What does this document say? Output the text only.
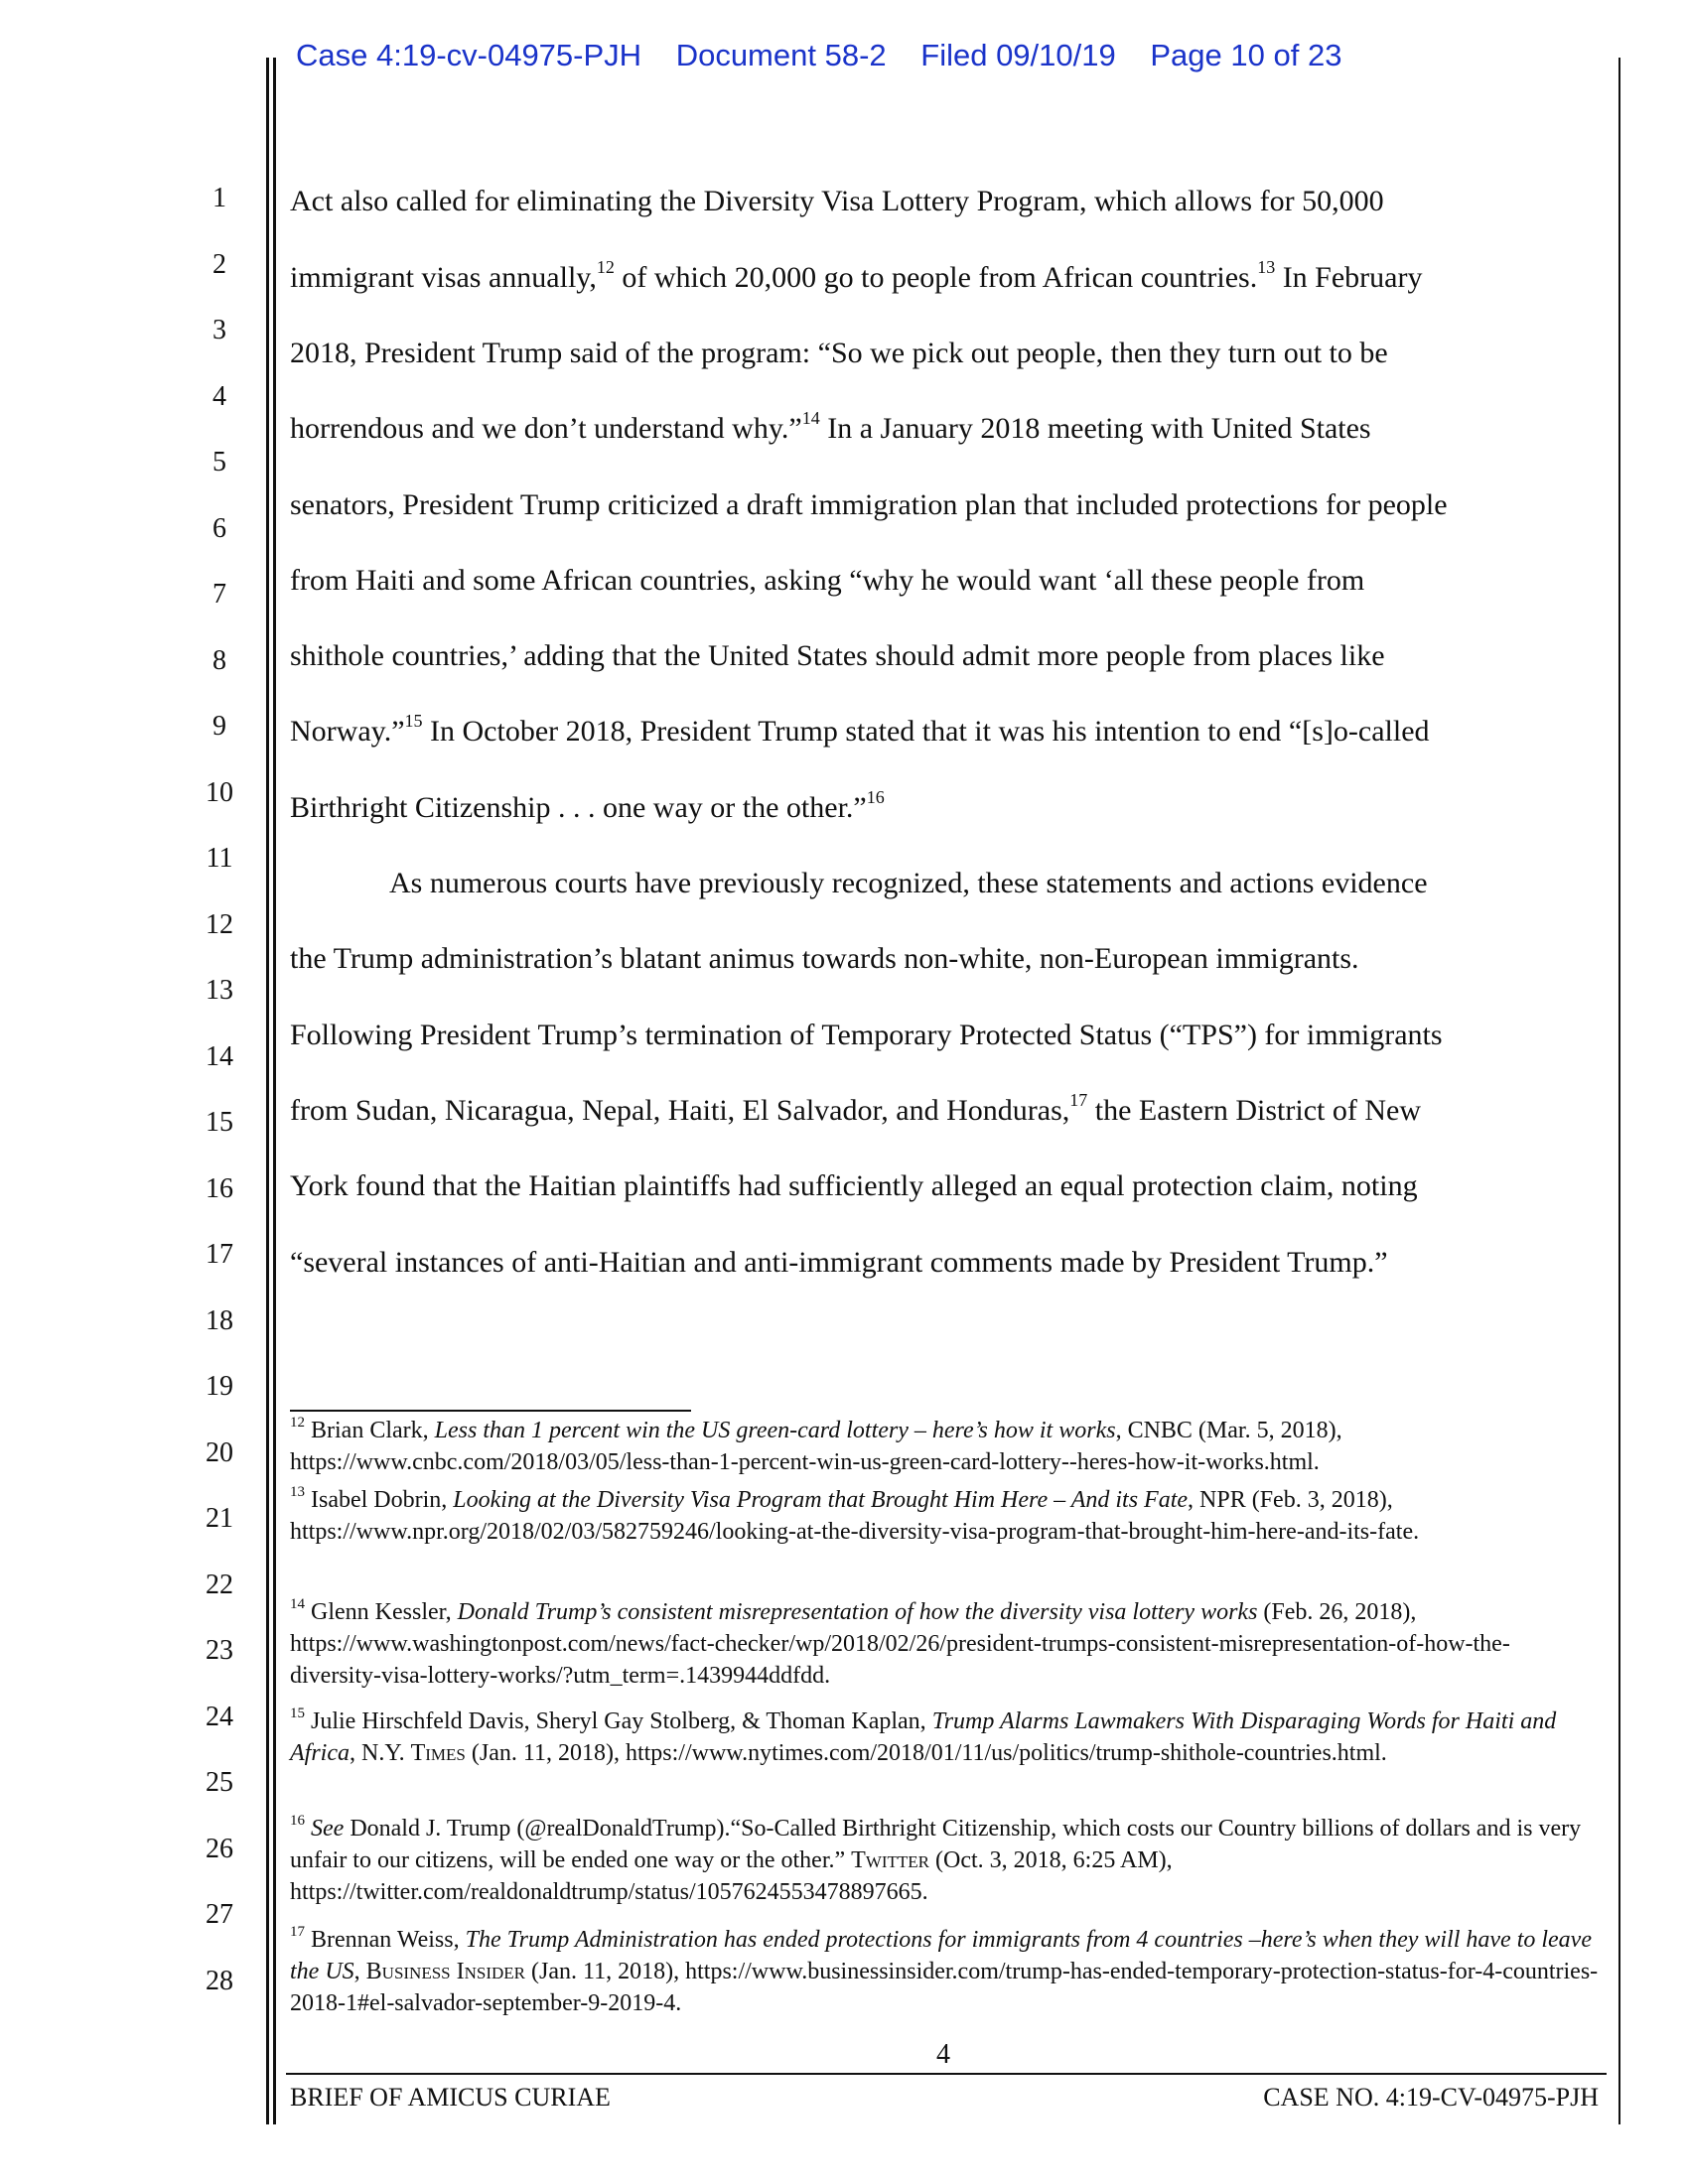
Case 4:19-cv-04975-PJH Document 58-2 Filed 09/10/19 Page 10 of 23
1
2
3
4
5
6
7
8
9
10
11
12
13
14
15
16
17
18
19
20
21
22
23
24
25
26
27
28
Act also called for eliminating the Diversity Visa Lottery Program, which allows for 50,000
immigrant visas annually,$^{12}$ of which 20,000 go to people from African countries.$^{13}$ In February
2018, President Trump said of the program: “So we pick out people, then they turn out to be
horrendous and we don’t understand why.”$^{14}$ In a January 2018 meeting with United States
senators, President Trump criticized a draft immigration plan that included protections for people
from Haiti and some African countries, asking “why he would want ‘all these people from
shithole countries,’ adding that the United States should admit more people from places like
Norway.”$^{15}$ In October 2018, President Trump stated that it was his intention to end “[s]o-called
Birthright Citizenship . . . one way or the other.”$^{16}$
As numerous courts have previously recognized, these statements and actions evidence
the Trump administration’s blatant animus towards non-white, non-European immigrants.
Following President Trump’s termination of Temporary Protected Status (“TPS”) for immigrants
from Sudan, Nicaragua, Nepal, Haiti, El Salvador, and Honduras,$^{17}$ the Eastern District of New
York found that the Haitian plaintiffs had sufficiently alleged an equal protection claim, noting
“several instances of anti-Haitian and anti-immigrant comments made by President Trump.”
$^{12}$ Brian Clark, Less than 1 percent win the US green-card lottery – here’s how it works, CNBC (Mar. 5, 2018), https://www.cnbc.com/2018/03/05/less-than-1-percent-win-us-green-card-lottery--heres-how-it-works.html.
$^{13}$ Isabel Dobrin, Looking at the Diversity Visa Program that Brought Him Here – And its Fate, NPR (Feb. 3, 2018), https://www.npr.org/2018/02/03/582759246/looking-at-the-diversity-visa-program-that-brought-him-here-and-its-fate.
$^{14}$ Glenn Kessler, Donald Trump’s consistent misrepresentation of how the diversity visa lottery works (Feb. 26, 2018), https://www.washingtonpost.com/news/fact-checker/wp/2018/02/26/president-trumps-consistent-misrepresentation-of-how-the-diversity-visa-lottery-works/?utm_term=.1439944ddfdd.
$^{15}$ Julie Hirschfeld Davis, Sheryl Gay Stolberg, & Thoman Kaplan, Trump Alarms Lawmakers With Disparaging Words for Haiti and Africa, N.Y. Times (Jan. 11, 2018), https://www.nytimes.com/2018/01/11/us/politics/trump-shithole-countries.html.
$^{16}$ See Donald J. Trump (@realDonaldTrump).“So-Called Birthright Citizenship, which costs our Country billions of dollars and is very unfair to our citizens, will be ended one way or the other.” Twitter (Oct. 3, 2018, 6:25 AM), https://twitter.com/realdonaldtrump/status/1057624553478897665.
$^{17}$ Brennan Weiss, The Trump Administration has ended protections for immigrants from 4 countries –here’s when they will have to leave the US, Business Insider (Jan. 11, 2018), https://www.businessinsider.com/trump-has-ended-temporary-protection-status-for-4-countries-2018-1#el-salvador-september-9-2019-4.
4
BRIEF OF AMICUS CURIAE	CASE NO. 4:19-CV-04975-PJH
